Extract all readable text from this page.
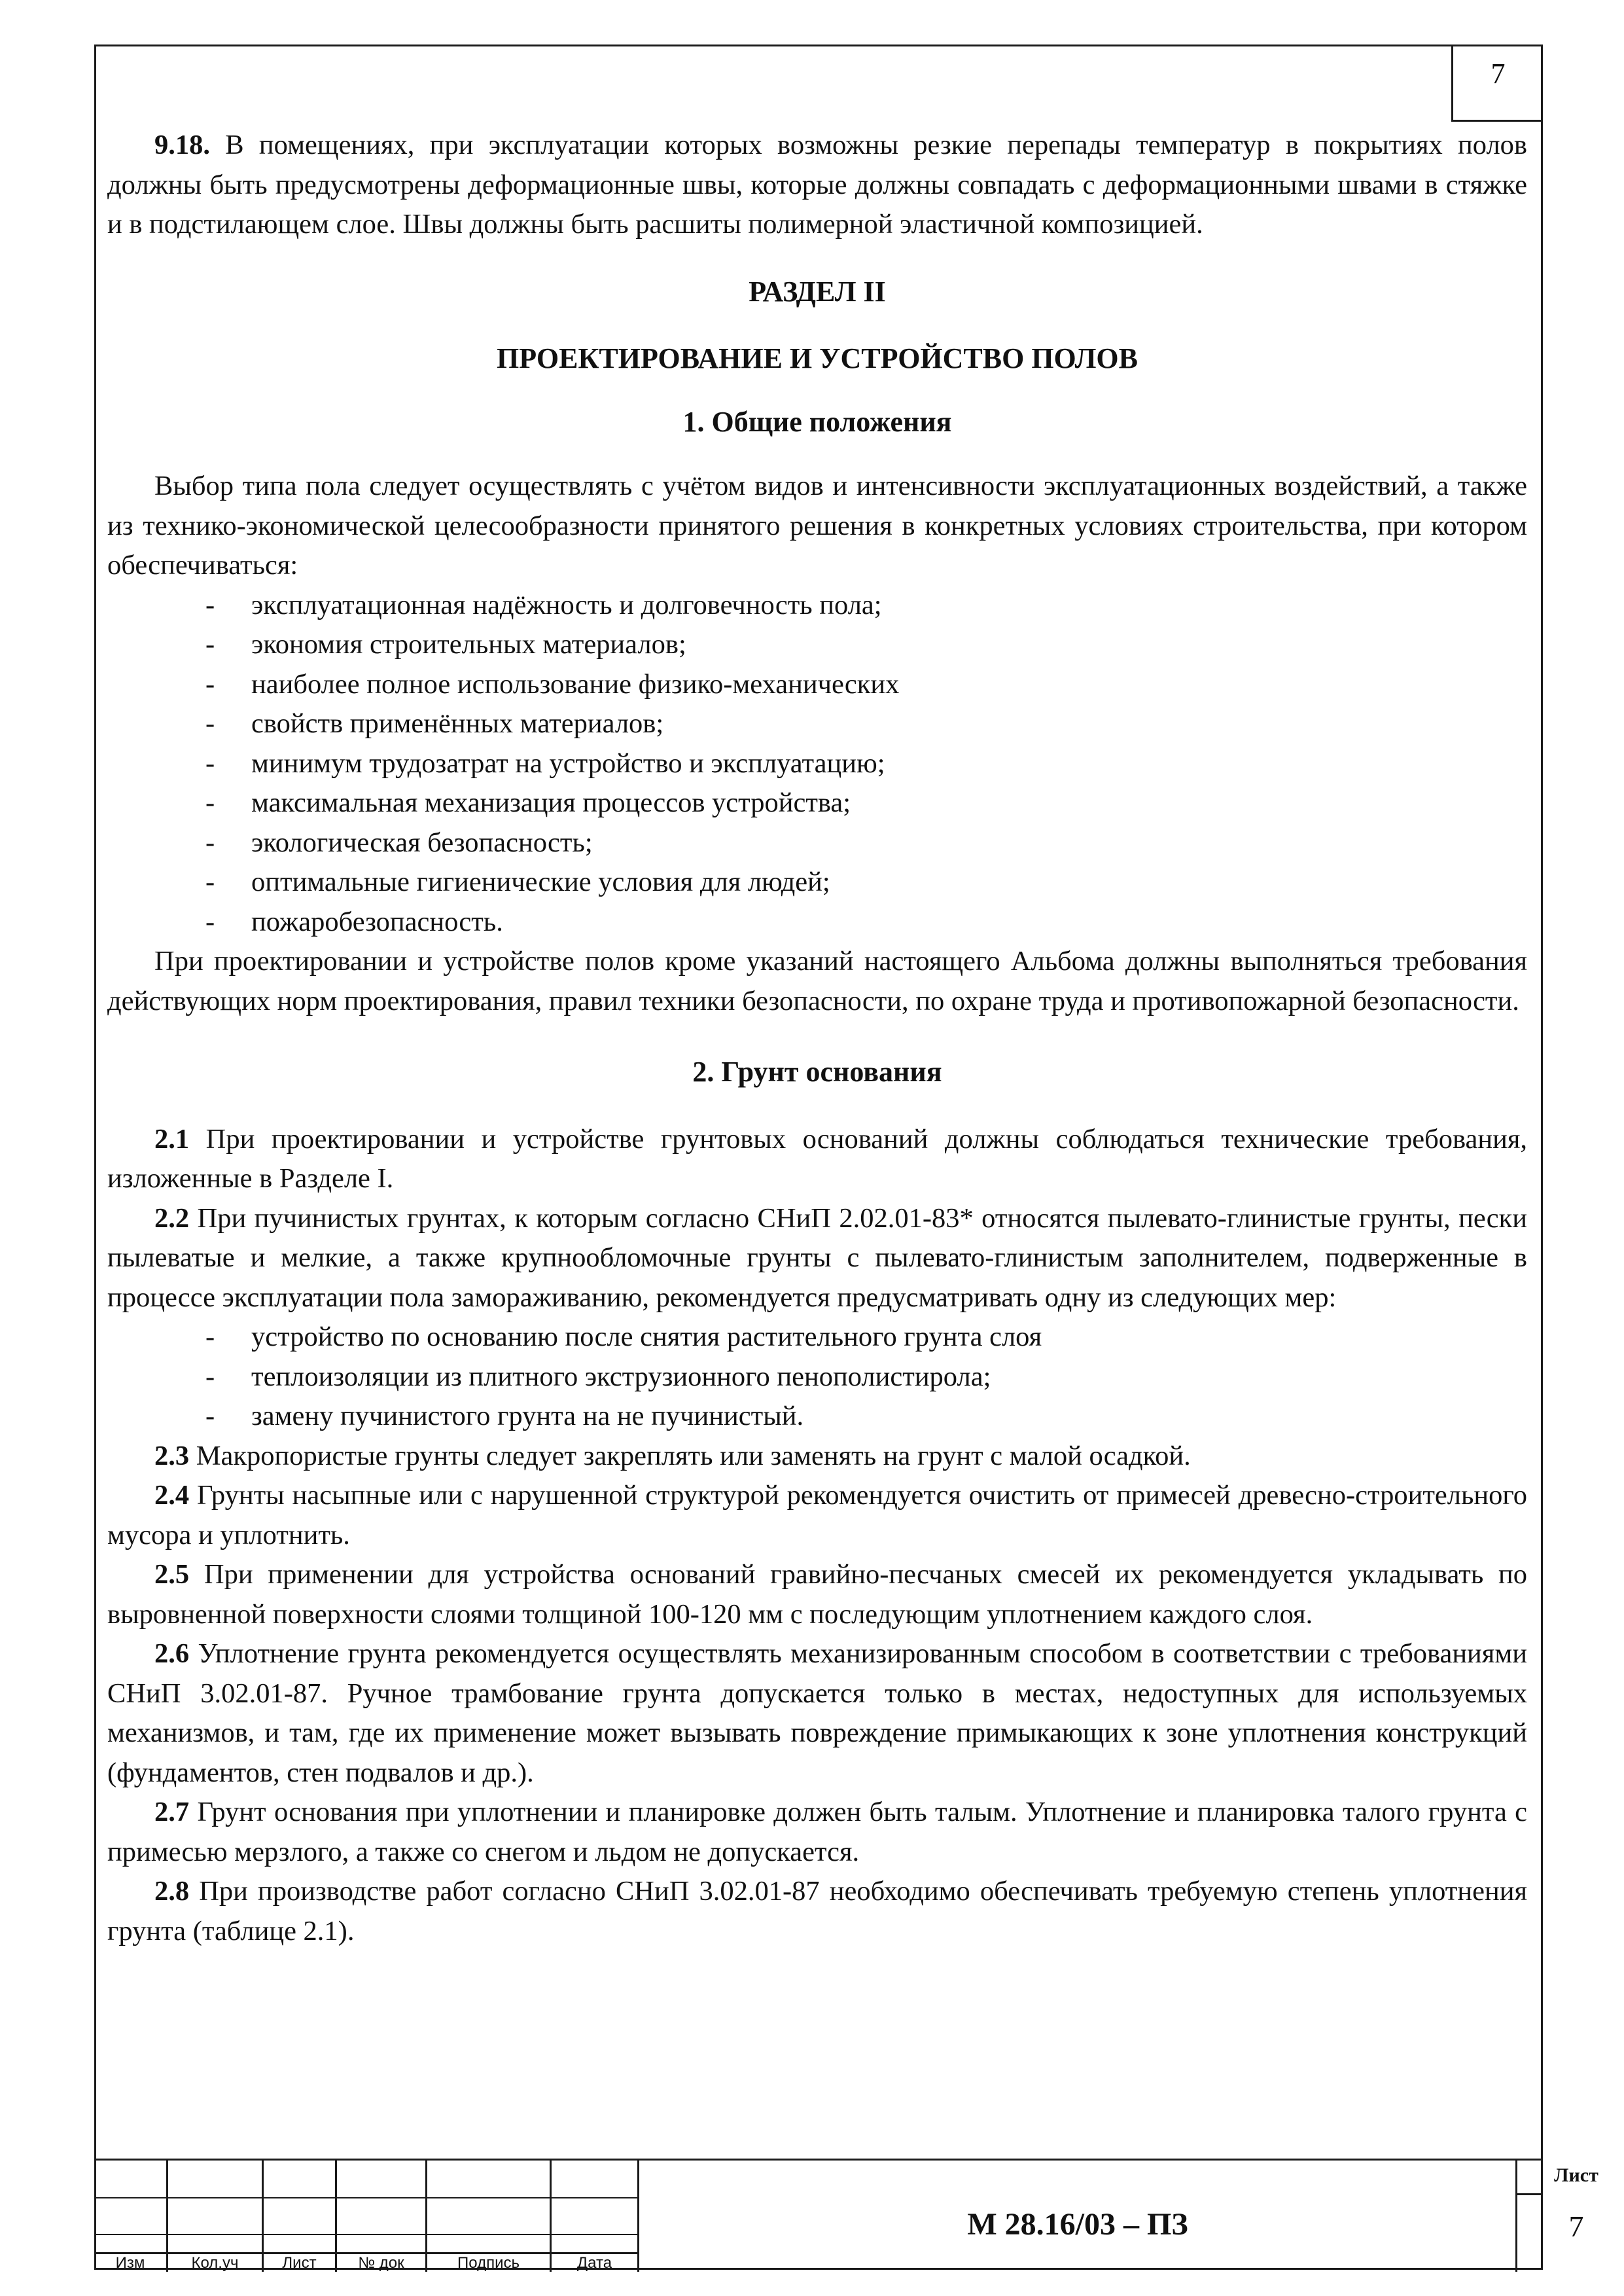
7

9.18. В помещениях, при эксплуатации которых возможны резкие перепады температур в покрытиях полов должны быть предусмотрены деформационные швы, которые должны совпадать с деформационными швами в стяжке и в подстилающем слое. Швы должны быть расшиты полимерной эластичной композицией.

РАЗДЕЛ II
ПРОЕКТИРОВАНИЕ И УСТРОЙСТВО ПОЛОВ
1. Общие положения

Выбор типа пола следует осуществлять с учётом видов и интенсивности эксплуатационных воздействий, а также из технико-экономической целесообразности принятого решения в конкретных условиях строительства, при котором обеспечиваться:

- эксплуатационная надёжность и долговечность пола;
- экономия строительных материалов;
- наиболее полное использование физико-механических
- свойств применённых материалов;
- минимум трудозатрат на устройство и эксплуатацию;
- максимальная механизация процессов устройства;
- экологическая безопасность;
- оптимальные гигиенические условия для людей;
- пожаробезопасность.

При проектировании и устройстве полов кроме указаний настоящего Альбома должны выполняться требования действующих норм проектирования, правил техники безопасности, по охране труда и противопожарной безопасности.

2. Грунт основания

2.1 При проектировании и устройстве грунтовых оснований должны соблюдаться технические требования, изложенные в Разделе I.

2.2 При пучинистых грунтах, к которым согласно СНиП 2.02.01-83* относятся пылевато-глинистые грунты, пески пылеватые и мелкие, а также крупнообломочные грунты с пылевато-глинистым заполнителем, подверженные в процессе эксплуатации пола замораживанию, рекомендуется предусматривать одну из следующих мер:

- устройство по основанию после снятия растительного грунта слоя
- теплоизоляции из плитного экструзионного пенополистирола;
- замену пучинистого грунта на не пучинистый.

2.3 Макропористые грунты следует закреплять или заменять на грунт с малой осадкой.

2.4 Грунты насыпные или с нарушенной структурой рекомендуется очистить от примесей древесно-строительного мусора и уплотнить.

2.5 При применении для устройства оснований гравийно-песчаных смесей их рекомендуется укладывать по выровненной поверхности слоями толщиной 100-120 мм с последующим уплотнением каждого слоя.

2.6 Уплотнение грунта рекомендуется осуществлять механизированным способом в соответствии с требованиями СНиП 3.02.01-87. Ручное трамбование грунта допускается только в местах, недоступных для используемых механизмов, и там, где их применение может вызывать повреждение примыкающих к зоне уплотнения конструкций (фундаментов, стен подвалов и др.).

2.7 Грунт основания при уплотнении и планировке должен быть талым. Уплотнение и планировка талого грунта с примесью мерзлого, а также со снегом и льдом не допускается.

2.8 При производстве работ согласно СНиП 3.02.01-87 необходимо обеспечивать требуемую степень уплотнения грунта (таблице 2.1).

Изм	Кол.уч	Лист	№ док	Подпись	Дата
М 28.16/03 – ПЗ
Лист
7
